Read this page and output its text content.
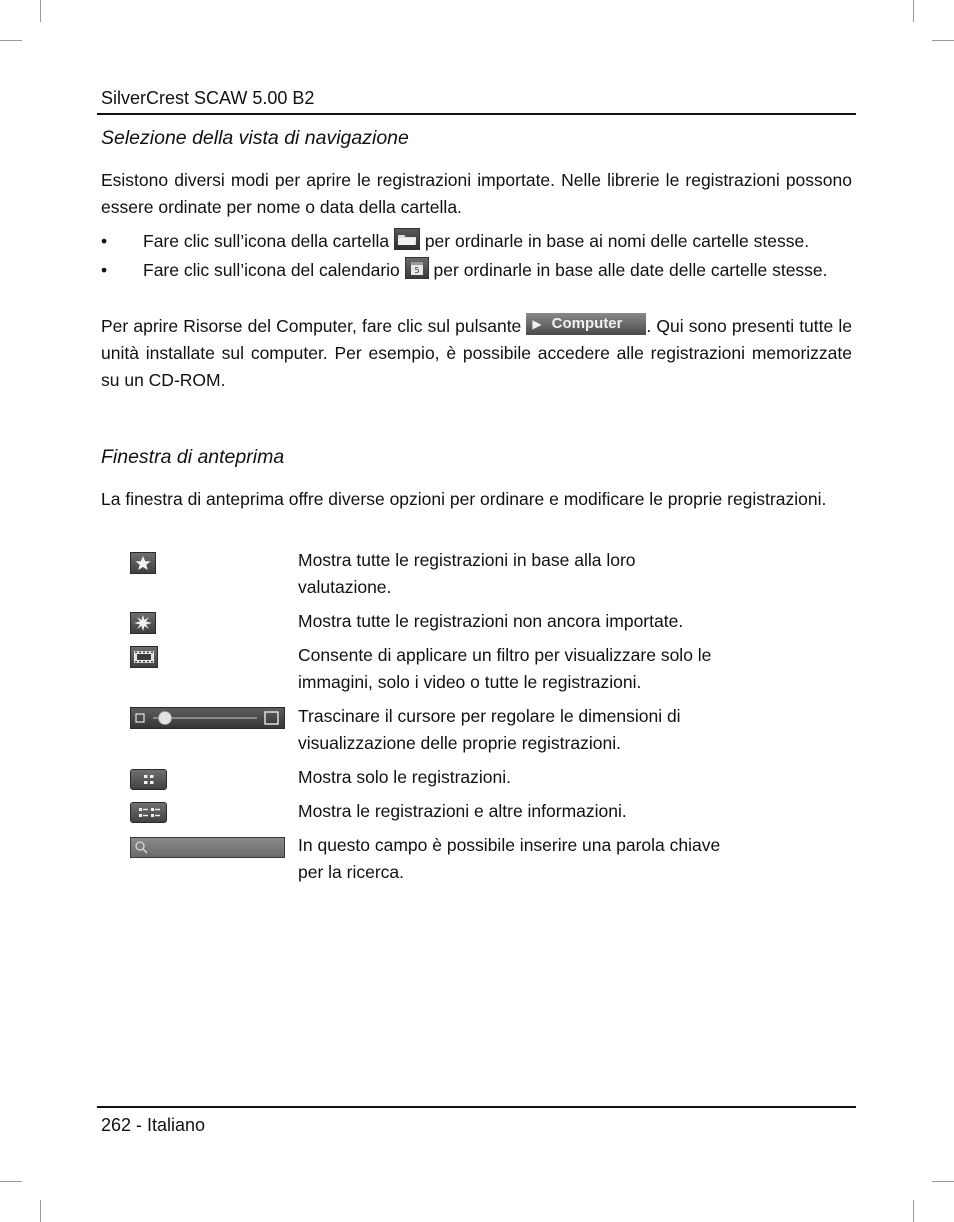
SilverCrest SCAW 5.00 B2
Selezione della vista di navigazione

Esistono diversi modi per aprire le registrazioni importate. Nelle librerie le registrazioni possono essere ordinate per nome o data della cartella.

• Fare clic sull’icona della cartella per ordinarle in base ai nomi delle cartelle stesse.
• Fare clic sull’icona del calendario 5 per ordinarle in base alle date delle cartelle stesse.

Per aprire Risorse del Computer, fare clic sul pulsante ▶ Computer . Qui sono presenti tutte le unità installate sul computer. Per esempio, è possibile accedere alle registrazioni memorizzate su un CD-ROM.

Finestra di anteprima

La finestra di anteprima offre diverse opzioni per ordinare e modificare le proprie registrazioni.

Mostra tutte le registrazioni in base alla loro valutazione.
Mostra tutte le registrazioni non ancora importate.
Consente di applicare un filtro per visualizzare solo le immagini, solo i video o tutte le registrazioni.
Trascinare il cursore per regolare le dimensioni di visualizzazione delle proprie registrazioni.
Mostra solo le registrazioni.
Mostra le registrazioni e altre informazioni.
In questo campo è possibile inserire una parola chiave per la ricerca.
262 - Italiano
